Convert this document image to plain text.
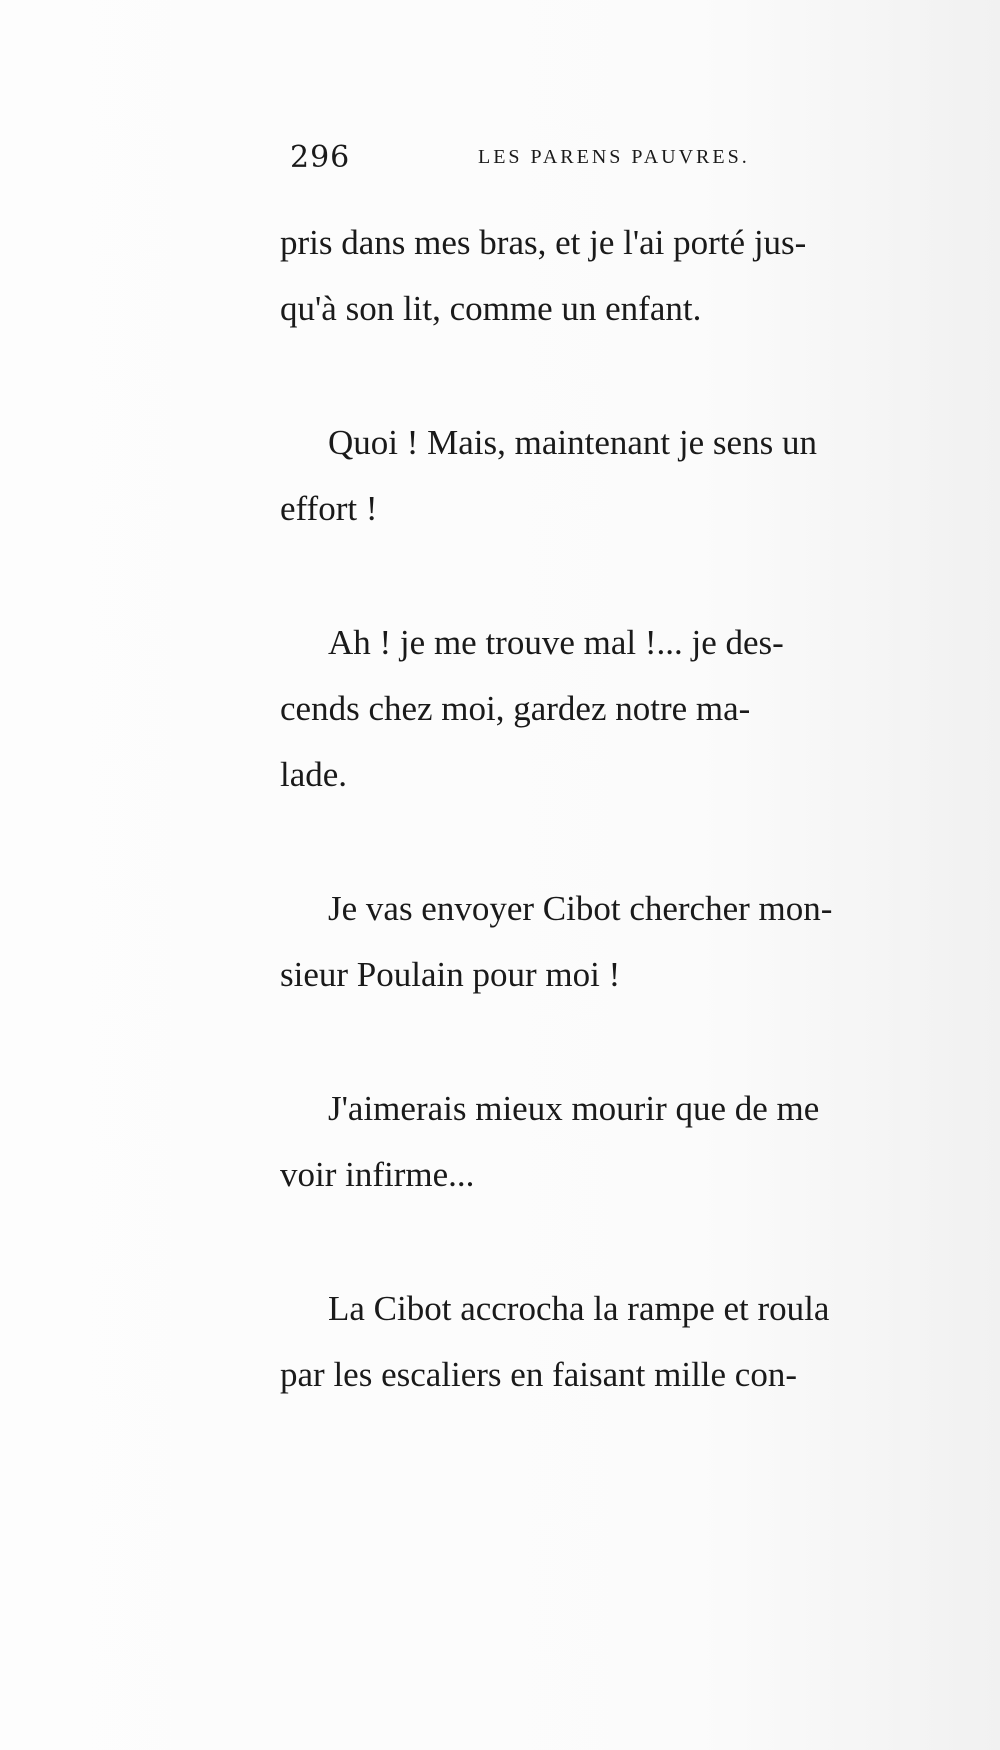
296	LES PARENS PAUVRES.
pris dans mes bras, et je l'ai porté jus-
qu'à son lit, comme un enfant.
Quoi ! Mais, maintenant je sens un
effort !
Ah ! je me trouve mal !... je des-
cends chez moi, gardez notre ma-
lade.
Je vas envoyer Cibot chercher mon-
sieur Poulain pour moi !
J'aimerais mieux mourir que de me
voir infirme...
La Cibot accrocha la rampe et roula
par les escaliers en faisant mille con-
